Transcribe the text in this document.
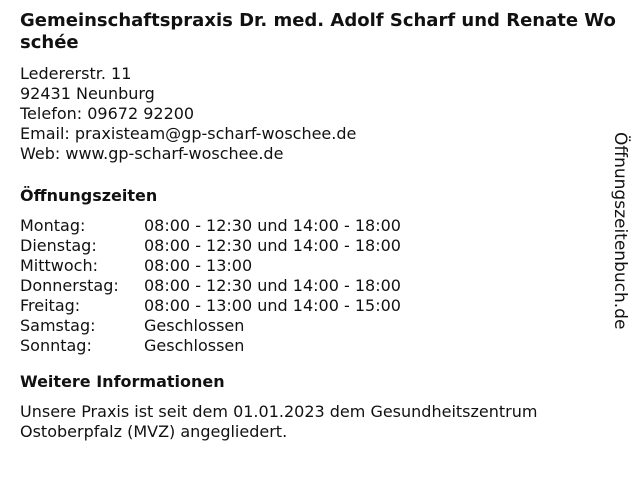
Gemeinschaftspraxis Dr. med. Adolf Scharf und Renate Woschée
Ledererstr. 11
92431 Neunburg
Telefon: 09672 92200
Email: praxisteam@gp-scharf-woschee.de
Web: www.gp-scharf-woschee.de
Öffnungszeiten
Montag:	08:00 - 12:30 und 14:00 - 18:00
Dienstag:	08:00 - 12:30 und 14:00 - 18:00
Mittwoch:	08:00 - 13:00
Donnerstag:	08:00 - 12:30 und 14:00 - 18:00
Freitag:	08:00 - 13:00 und 14:00 - 15:00
Samstag:	Geschlossen
Sonntag:	Geschlossen
Weitere Informationen
Unsere Praxis ist seit dem 01.01.2023 dem Gesundheitszentrum Ostoberpfalz (MVZ) angegliedert.
Öffnungszeitenbuch.de
